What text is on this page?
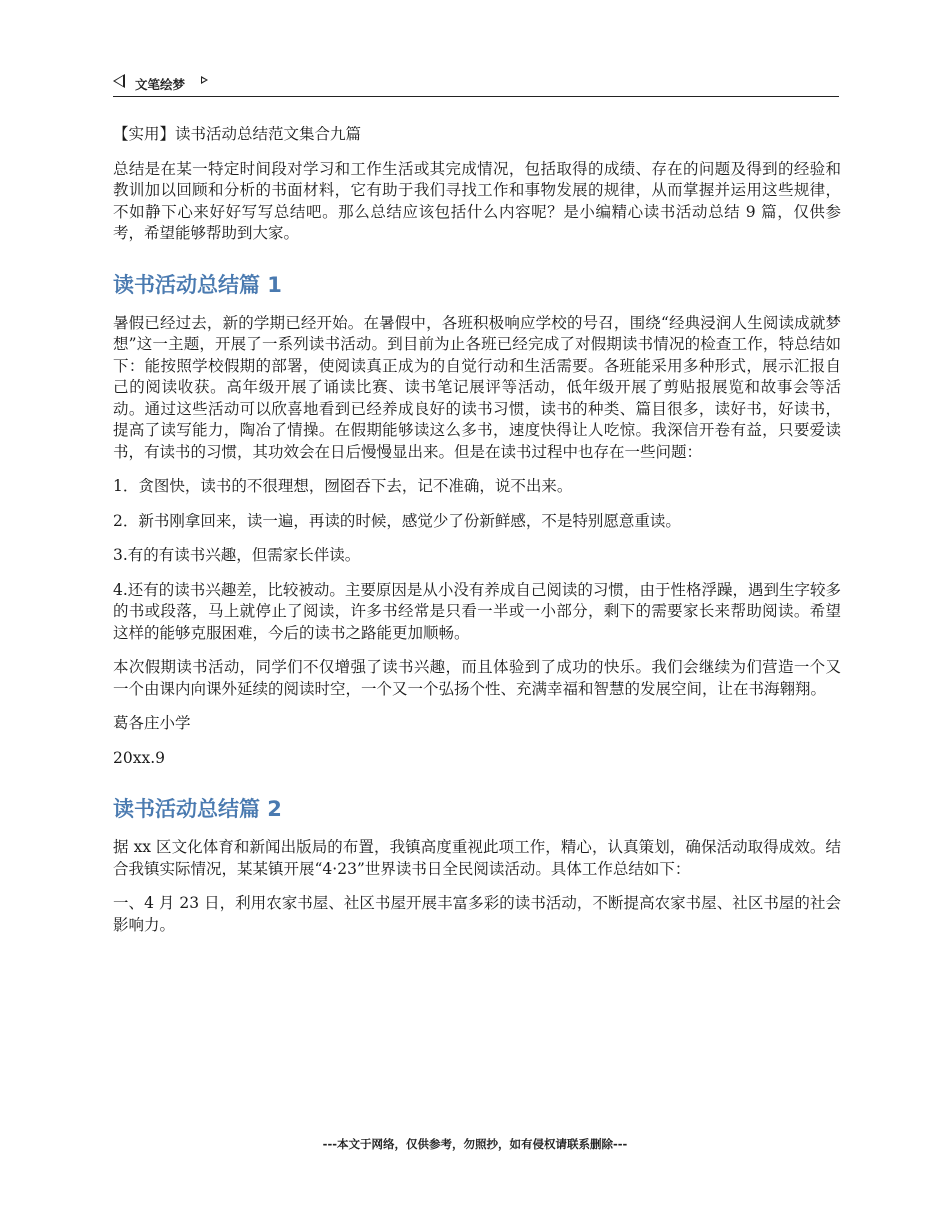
文笔绘梦

【实用】读书活动总结范文集合九篇

总结是在某一特定时间段对学习和工作生活或其完成情况，包括取得的成绩、存在的问题及得到的经验和教训加以回顾和分析的书面材料，它有助于我们寻找工作和事物发展的规律，从而掌握并运用这些规律，不如静下心来好好写写总结吧。那么总结应该包括什么内容呢？是小编精心读书活动总结 9 篇，仅供参考，希望能够帮助到大家。

读书活动总结篇 1

暑假已经过去，新的学期已经开始。在暑假中，各班积极响应学校的号召，围绕“经典浸润人生阅读成就梦想”这一主题，开展了一系列读书活动。到目前为止各班已经完成了对假期读书情况的检查工作，特总结如下：能按照学校假期的部署，使阅读真正成为的自觉行动和生活需要。各班能采用多种形式，展示汇报自己的阅读收获。高年级开展了诵读比赛、读书笔记展评等活动，低年级开展了剪贴报展览和故事会等活动。通过这些活动可以欣喜地看到已经养成良好的读书习惯，读书的种类、篇目很多，读好书，好读书，提高了读写能力，陶冶了情操。在假期能够读这么多书，速度快得让人吃惊。我深信开卷有益，只要爱读书，有读书的习惯，其功效会在日后慢慢显出来。但是在读书过程中也存在一些问题：

1．贪图快，读书的不很理想，囫囵吞下去，记不准确，说不出来。

2．新书刚拿回来，读一遍，再读的时候，感觉少了份新鲜感，不是特别愿意重读。

3.有的有读书兴趣，但需家长伴读。

4.还有的读书兴趣差，比较被动。主要原因是从小没有养成自己阅读的习惯，由于性格浮躁，遇到生字较多的书或段落，马上就停止了阅读，许多书经常是只看一半或一小部分，剩下的需要家长来帮助阅读。希望这样的能够克服困难，今后的读书之路能更加顺畅。

本次假期读书活动，同学们不仅增强了读书兴趣，而且体验到了成功的快乐。我们会继续为们营造一个又一个由课内向课外延续的阅读时空，一个又一个弘扬个性、充满幸福和智慧的发展空间，让在书海翱翔。

葛各庄小学

20xx.9

读书活动总结篇 2

据 xx 区文化体育和新闻出版局的布置，我镇高度重视此项工作，精心，认真策划，确保活动取得成效。结合我镇实际情况，某某镇开展“4·23”世界读书日全民阅读活动。具体工作总结如下：

一、4 月 23 日，利用农家书屋、社区书屋开展丰富多彩的读书活动，不断提高农家书屋、社区书屋的社会影响力。

---本文于网络，仅供参考，勿照抄，如有侵权请联系删除---
